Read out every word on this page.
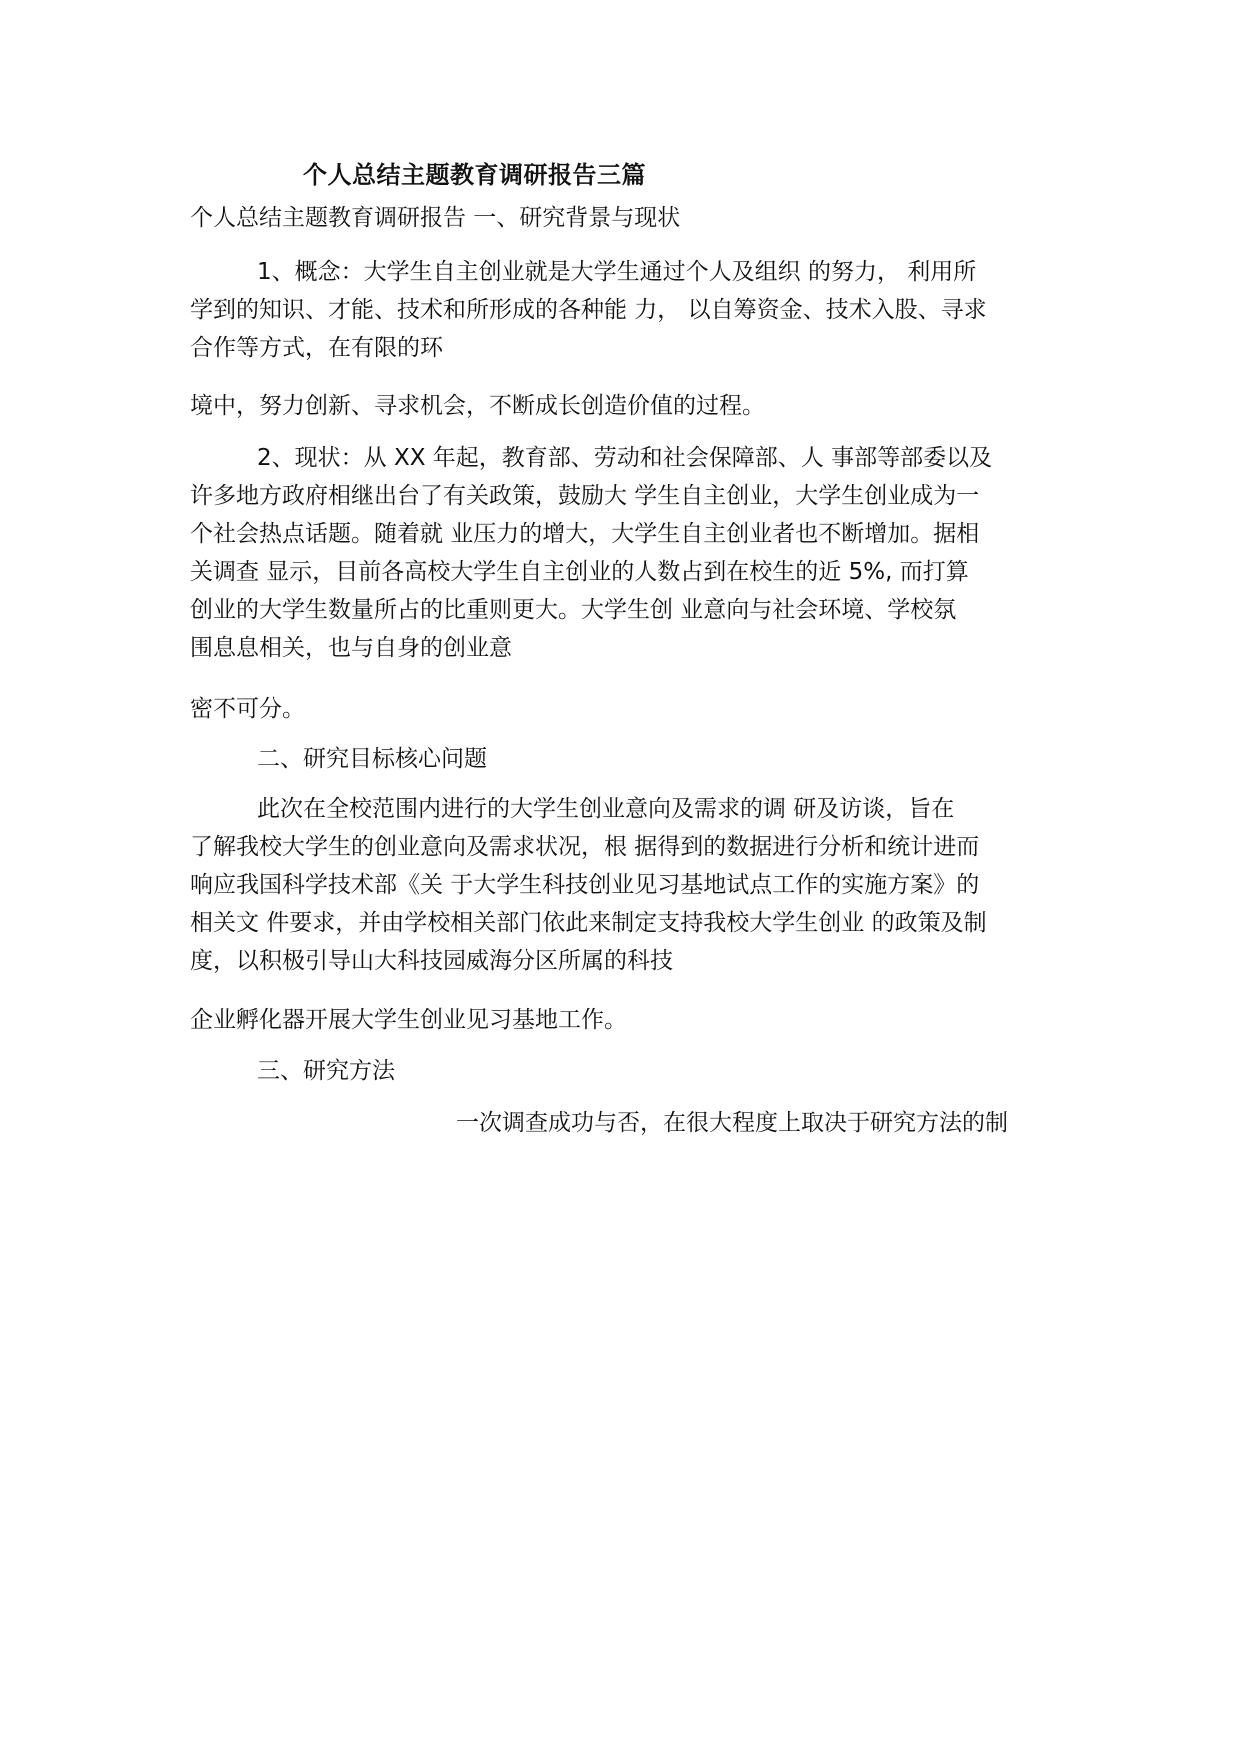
个人总结主题教育调研报告三篇
个人总结主题教育调研报告 一、研究背景与现状
1、概念：大学生自主创业就是大学生通过个人及组织 的努力， 利用所
学到的知识、才能、技术和所形成的各种能 力， 以自筹资金、技术入股、寻求
合作等方式，在有限的环
境中，努力创新、寻求机会，不断成长创造价值的过程。
2、现状：从 XX 年起，教育部、劳动和社会保障部、人 事部等部委以及
许多地方政府相继出台了有关政策，鼓励大 学生自主创业，大学生创业成为一
个社会热点话题。随着就 业压力的增大，大学生自主创业者也不断增加。据相
关调查 显示，目前各高校大学生自主创业的人数占到在校生的近 5%, 而打算
创业的大学生数量所占的比重则更大。大学生创 业意向与社会环境、学校氛
围息息相关，也与自身的创业意
密不可分。
二、研究目标核心问题
此次在全校范围内进行的大学生创业意向及需求的调 研及访谈，旨在
了解我校大学生的创业意向及需求状况，根 据得到的数据进行分析和统计进而
响应我国科学技术部《关 于大学生科技创业见习基地试点工作的实施方案》的
相关文 件要求，并由学校相关部门依此来制定支持我校大学生创业 的政策及制
度，以积极引导山大科技园威海分区所属的科技
企业孵化器开展大学生创业见习基地工作。
三、研究方法
一次调查成功与否，在很大程度上取决于研究方法的制
